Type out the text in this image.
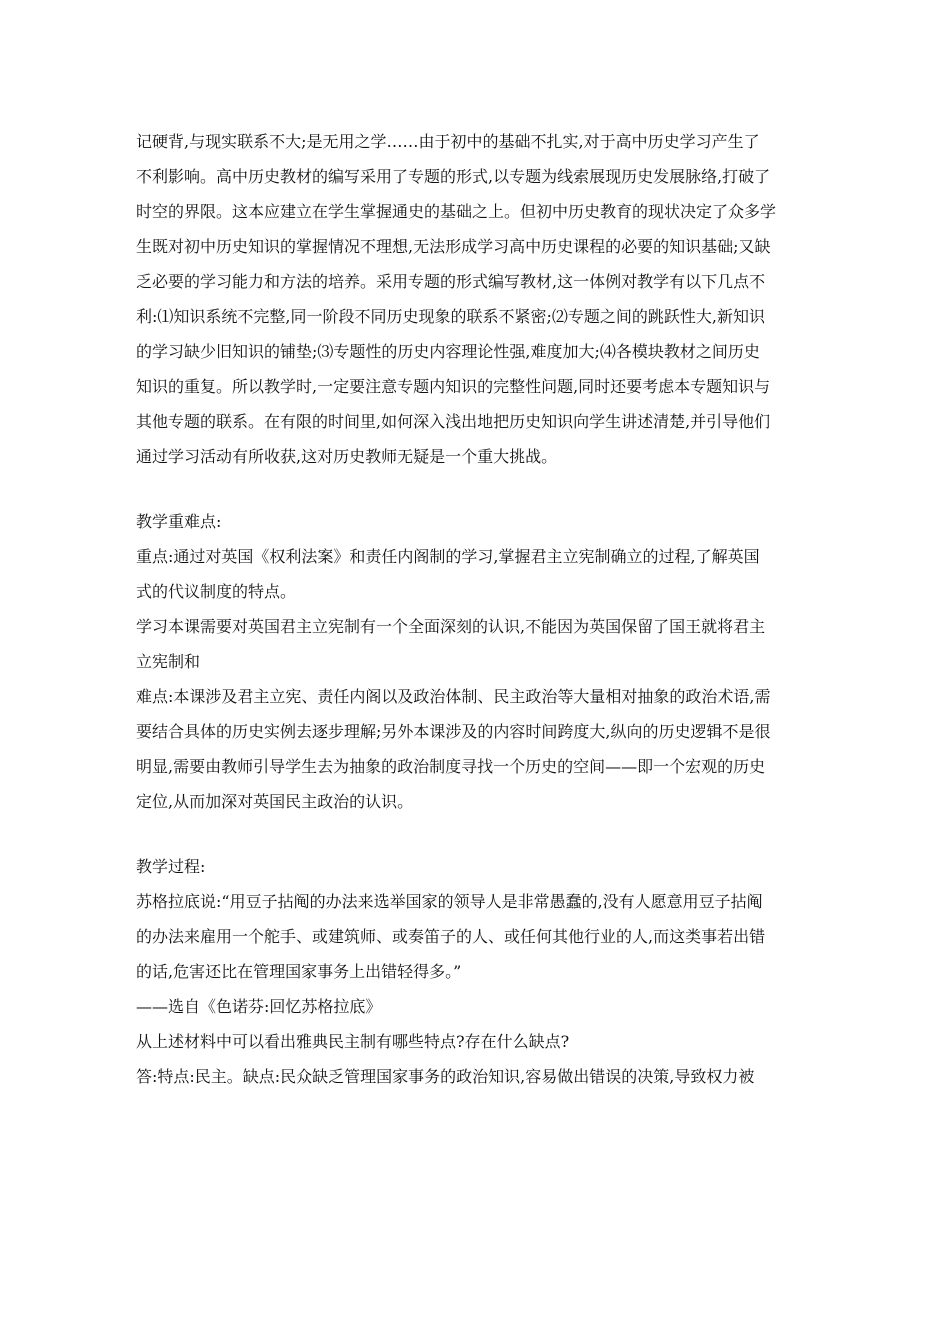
记硬背,与现实联系不大;是无用之学……由于初中的基础不扎实,对于高中历史学习产生了
不利影响。高中历史教材的编写采用了专题的形式,以专题为线索展现历史发展脉络,打破了
时空的界限。这本应建立在学生掌握通史的基础之上。但初中历史教育的现状决定了众多学
生既对初中历史知识的掌握情况不理想,无法形成学习高中历史课程的必要的知识基础;又缺
乏必要的学习能力和方法的培养。采用专题的形式编写教材,这一体例对教学有以下几点不
利:⑴知识系统不完整,同一阶段不同历史现象的联系不紧密;⑵专题之间的跳跃性大,新知识
的学习缺少旧知识的铺垫;⑶专题性的历史内容理论性强,难度加大;⑷各模块教材之间历史
知识的重复。所以教学时,一定要注意专题内知识的完整性问题,同时还要考虑本专题知识与
其他专题的联系。在有限的时间里,如何深入浅出地把历史知识向学生讲述清楚,并引导他们
通过学习活动有所收获,这对历史教师无疑是一个重大挑战。
教学重难点:
重点:通过对英国《权利法案》和责任内阁制的学习,掌握君主立宪制确立的过程,了解英国
式的代议制度的特点。
学习本课需要对英国君主立宪制有一个全面深刻的认识,不能因为英国保留了国王就将君主
立宪制和
难点:本课涉及君主立宪、责任内阁以及政治体制、民主政治等大量相对抽象的政治术语,需
要结合具体的历史实例去逐步理解;另外本课涉及的内容时间跨度大,纵向的历史逻辑不是很
明显,需要由教师引导学生去为抽象的政治制度寻找一个历史的空间——即一个宏观的历史
定位,从而加深对英国民主政治的认识。
教学过程:
苏格拉底说:“用豆子拈阄的办法来选举国家的领导人是非常愚蠢的,没有人愿意用豆子拈阄
的办法来雇用一个舵手、或建筑师、或奏笛子的人、或任何其他行业的人,而这类事若出错
的话,危害还比在管理国家事务上出错轻得多。”
——选自《色诺芬:回忆苏格拉底》
从上述材料中可以看出雅典民主制有哪些特点?存在什么缺点?
答:特点:民主。缺点:民众缺乏管理国家事务的政治知识,容易做出错误的决策,导致权力被
